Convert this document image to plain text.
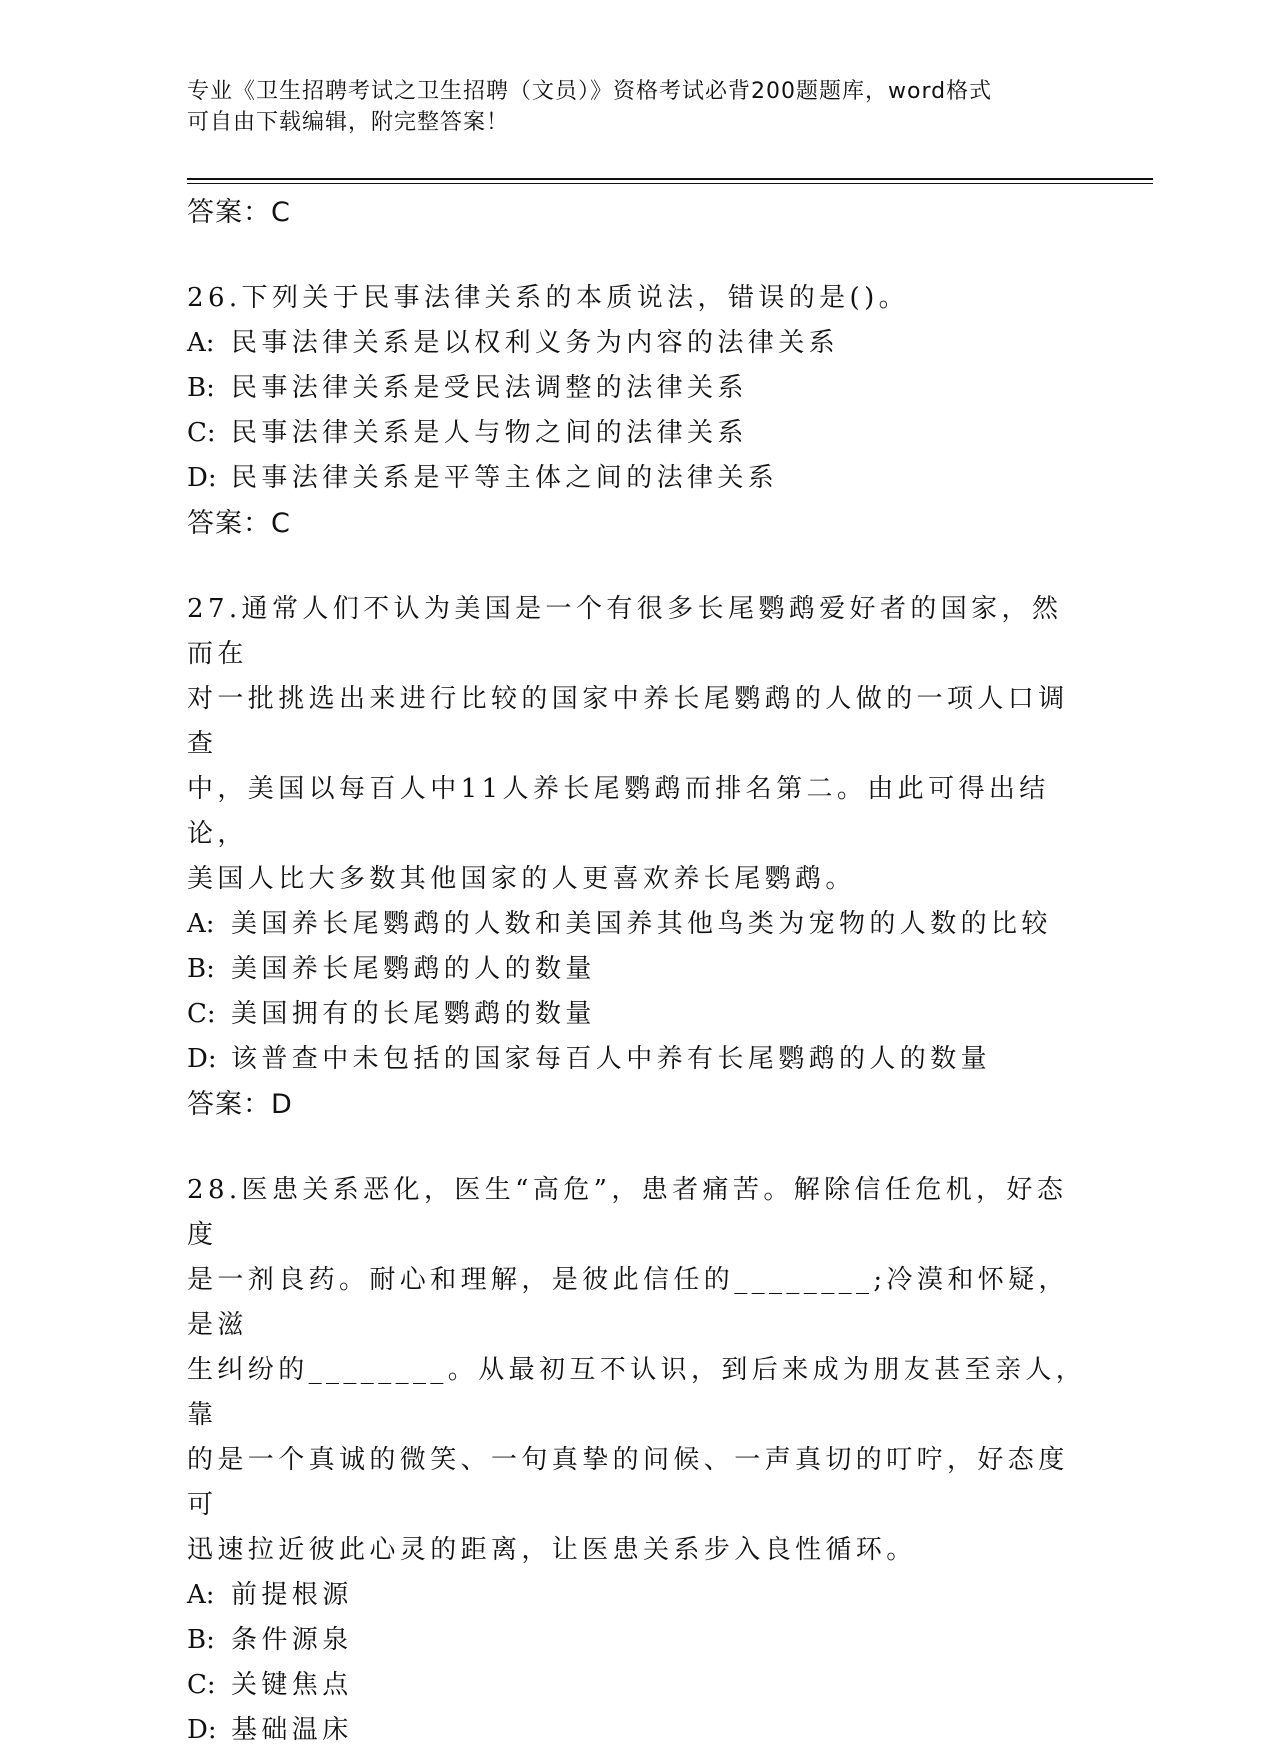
专业《卫生招聘考试之卫生招聘（文员）》资格考试必背200题题库，word格式
可自由下载编辑，附完整答案！
答案：C
26.下列关于民事法律关系的本质说法，错误的是()。
A: 民事法律关系是以权利义务为内容的法律关系
B: 民事法律关系是受民法调整的法律关系
C: 民事法律关系是人与物之间的法律关系
D: 民事法律关系是平等主体之间的法律关系
答案：C
27.通常人们不认为美国是一个有很多长尾鹦鹉爱好者的国家，然而在
对一批挑选出来进行比较的国家中养长尾鹦鹉的人做的一项人口调查
中，美国以每百人中11人养长尾鹦鹉而排名第二。由此可得出结论，
美国人比大多数其他国家的人更喜欢养长尾鹦鹉。
A: 美国养长尾鹦鹉的人数和美国养其他鸟类为宠物的人数的比较
B: 美国养长尾鹦鹉的人的数量
C: 美国拥有的长尾鹦鹉的数量
D: 该普查中未包括的国家每百人中养有长尾鹦鹉的人的数量
答案：D
28.医患关系恶化，医生“高危”，患者痛苦。解除信任危机，好态度
是一剂良药。耐心和理解，是彼此信任的________;冷漠和怀疑，是滋
生纠纷的________。从最初互不认识，到后来成为朋友甚至亲人，靠
的是一个真诚的微笑、一句真挚的问候、一声真切的叮咛，好态度可
迅速拉近彼此心灵的距离，让医患关系步入良性循环。
A: 前提根源
B: 条件源泉
C: 关键焦点
D: 基础温床
